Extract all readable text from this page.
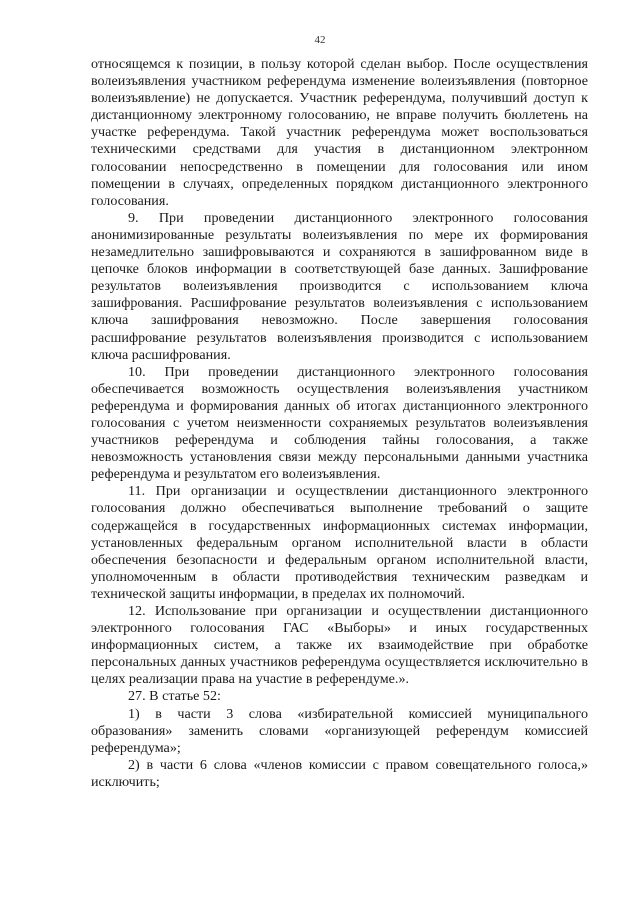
42

относящемся к позиции, в пользу которой сделан выбор. После осуществления волеизъявления участником референдума изменение волеизъявления (повторное волеизъявление) не допускается. Участник референдума, получивший доступ к дистанционному электронному голосованию, не вправе получить бюллетень на участке референдума. Такой участник референдума может воспользоваться техническими средствами для участия в дистанционном электронном голосовании непосредственно в помещении для голосования или ином помещении в случаях, определенных порядком дистанционного электронного голосования.

9. При проведении дистанционного электронного голосования анонимизированные результаты волеизъявления по мере их формирования незамедлительно зашифровываются и сохраняются в зашифрованном виде в цепочке блоков информации в соответствующей базе данных. Зашифрование результатов волеизъявления производится с использованием ключа зашифрования. Расшифрование результатов волеизъявления с использованием ключа зашифрования невозможно. После завершения голосования расшифрование результатов волеизъявления производится с использованием ключа расшифрования.

10. При проведении дистанционного электронного голосования обеспечивается возможность осуществления волеизъявления участником референдума и формирования данных об итогах дистанционного электронного голосования с учетом неизменности сохраняемых результатов волеизъявления участников референдума и соблюдения тайны голосования, а также невозможность установления связи между персональными данными участника референдума и результатом его волеизъявления.

11. При организации и осуществлении дистанционного электронного голосования должно обеспечиваться выполнение требований о защите содержащейся в государственных информационных системах информации, установленных федеральным органом исполнительной власти в области обеспечения безопасности и федеральным органом исполнительной власти, уполномоченным в области противодействия техническим разведкам и технической защиты информации, в пределах их полномочий.

12. Использование при организации и осуществлении дистанционного электронного голосования ГАС «Выборы» и иных государственных информационных систем, а также их взаимодействие при обработке персональных данных участников референдума осуществляется исключительно в целях реализации права на участие в референдуме.».

27. В статье 52:

1) в части 3 слова «избирательной комиссией муниципального образования» заменить словами «организующей референдум комиссией референдума»;

2) в части 6 слова «членов комиссии с правом совещательного голоса,» исключить;
